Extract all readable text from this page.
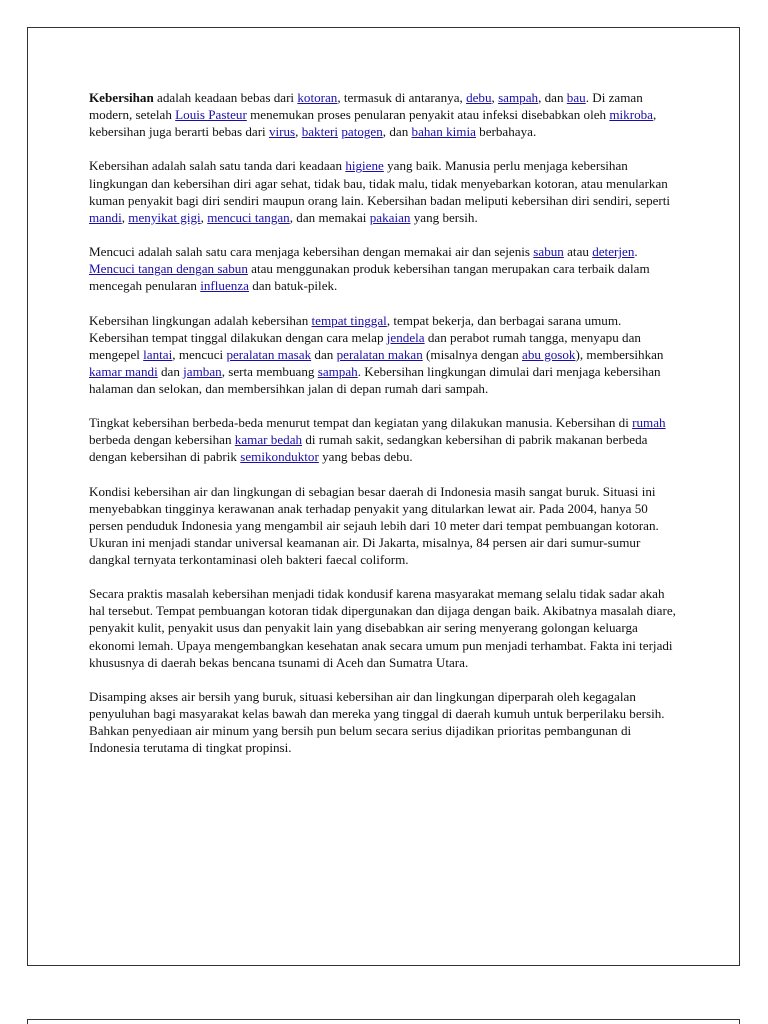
Kebersihan adalah keadaan bebas dari kotoran, termasuk di antaranya, debu, sampah, dan bau. Di zaman modern, setelah Louis Pasteur menemukan proses penularan penyakit atau infeksi disebabkan oleh mikroba, kebersihan juga berarti bebas dari virus, bakteri patogen, dan bahan kimia berbahaya.

Kebersihan adalah salah satu tanda dari keadaan higiene yang baik. Manusia perlu menjaga kebersihan lingkungan dan kebersihan diri agar sehat, tidak bau, tidak malu, tidak menyebarkan kotoran, atau menularkan kuman penyakit bagi diri sendiri maupun orang lain. Kebersihan badan meliputi kebersihan diri sendiri, seperti mandi, menyikat gigi, mencuci tangan, dan memakai pakaian yang bersih.

Mencuci adalah salah satu cara menjaga kebersihan dengan memakai air dan sejenis sabun atau deterjen. Mencuci tangan dengan sabun atau menggunakan produk kebersihan tangan merupakan cara terbaik dalam mencegah penularan influenza dan batuk-pilek.

Kebersihan lingkungan adalah kebersihan tempat tinggal, tempat bekerja, dan berbagai sarana umum. Kebersihan tempat tinggal dilakukan dengan cara melap jendela dan perabot rumah tangga, menyapu dan mengepel lantai, mencuci peralatan masak dan peralatan makan (misalnya dengan abu gosok), membersihkan kamar mandi dan jamban, serta membuang sampah. Kebersihan lingkungan dimulai dari menjaga kebersihan halaman dan selokan, dan membersihkan jalan di depan rumah dari sampah.

Tingkat kebersihan berbeda-beda menurut tempat dan kegiatan yang dilakukan manusia. Kebersihan di rumah berbeda dengan kebersihan kamar bedah di rumah sakit, sedangkan kebersihan di pabrik makanan berbeda dengan kebersihan di pabrik semikonduktor yang bebas debu.

Kondisi kebersihan air dan lingkungan di sebagian besar daerah di Indonesia masih sangat buruk. Situasi ini menyebabkan tingginya kerawanan anak terhadap penyakit yang ditularkan lewat air. Pada 2004, hanya 50 persen penduduk Indonesia yang mengambil air sejauh lebih dari 10 meter dari tempat pembuangan kotoran. Ukuran ini menjadi standar universal keamanan air. Di Jakarta, misalnya, 84 persen air dari sumur-sumur dangkal ternyata terkontaminasi oleh bakteri faecal coliform.

Secara praktis masalah kebersihan menjadi tidak kondusif karena masyarakat memang selalu tidak sadar akah hal tersebut. Tempat pembuangan kotoran tidak dipergunakan dan dijaga dengan baik. Akibatnya masalah diare, penyakit kulit, penyakit usus dan penyakit lain yang disebabkan air sering menyerang golongan keluarga ekonomi lemah. Upaya mengembangkan kesehatan anak secara umum pun menjadi terhambat. Fakta ini terjadi khususnya di daerah bekas bencana tsunami di Aceh dan Sumatra Utara.

Disamping akses air bersih yang buruk, situasi kebersihan air dan lingkungan diperparah oleh kegagalan penyuluhan bagi masyarakat kelas bawah dan mereka yang tinggal di daerah kumuh untuk berperilaku bersih. Bahkan penyediaan air minum yang bersih pun belum secara serius dijadikan prioritas pembangunan di Indonesia terutama di tingkat propinsi.
